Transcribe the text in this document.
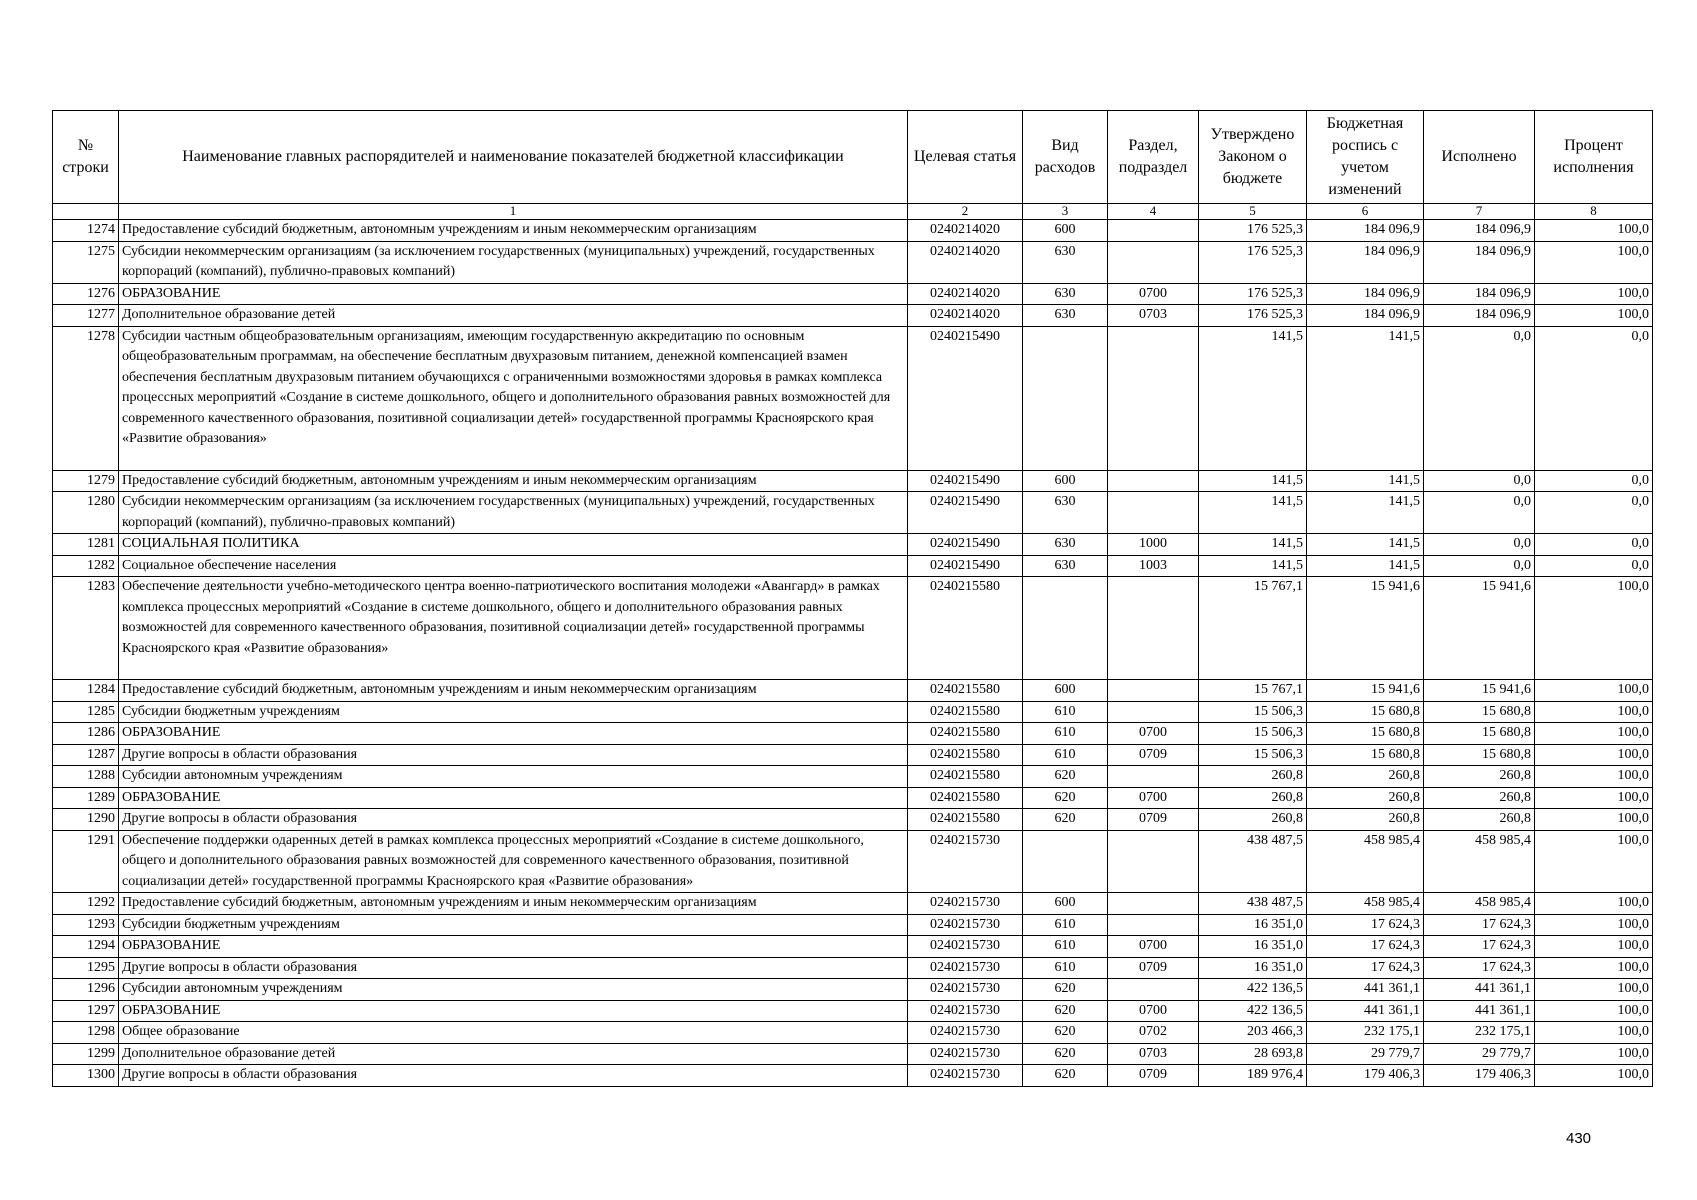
№ строки	Наименование главных распорядителей и наименование показателей бюджетной классификации	Целевая статья	Вид расходов	Раздел, подраздел	Утверждено Законом о бюджете	Бюджетная роспись с учетом изменений	Исполнено	Процент исполнения
	1	2	3	4	5	6	7	8
1274	Предоставление субсидий бюджетным, автономным учреждениям и иным некоммерческим организациям	0240214020	600		176 525,3	184 096,9	184 096,9	100,0
1275	Субсидии некоммерческим организациям (за исключением государственных (муниципальных) учреждений, государственных корпораций (компаний), публично-правовых компаний)	0240214020	630		176 525,3	184 096,9	184 096,9	100,0
1276	ОБРАЗОВАНИЕ	0240214020	630	0700	176 525,3	184 096,9	184 096,9	100,0
1277	Дополнительное образование детей	0240214020	630	0703	176 525,3	184 096,9	184 096,9	100,0
1278	Субсидии частным общеобразовательным организациям, имеющим государственную аккредитацию по основным общеобразовательным программам, на обеспечение бесплатным двухразовым питанием, денежной компенсацией взамен обеспечения бесплатным двухразовым питанием обучающихся с ограниченными возможностями здоровья в рамках комплекса процессных мероприятий «Создание в системе дошкольного, общего и дополнительного образования равных возможностей для современного качественного образования, позитивной социализации детей» государственной программы Красноярского края «Развитие образования»	0240215490			141,5	141,5	0,0	0,0
1279	Предоставление субсидий бюджетным, автономным учреждениям и иным некоммерческим организациям	0240215490	600		141,5	141,5	0,0	0,0
1280	Субсидии некоммерческим организациям (за исключением государственных (муниципальных) учреждений, государственных корпораций (компаний), публично-правовых компаний)	0240215490	630		141,5	141,5	0,0	0,0
1281	СОЦИАЛЬНАЯ ПОЛИТИКА	0240215490	630	1000	141,5	141,5	0,0	0,0
1282	Социальное обеспечение населения	0240215490	630	1003	141,5	141,5	0,0	0,0
1283	Обеспечение деятельности учебно-методического центра военно-патриотического воспитания молодежи «Авангард» в рамках комплекса процессных мероприятий «Создание в системе дошкольного, общего и дополнительного образования равных возможностей для современного качественного образования, позитивной социализации детей» государственной программы Красноярского края «Развитие образования»	0240215580			15 767,1	15 941,6	15 941,6	100,0
1284	Предоставление субсидий бюджетным, автономным учреждениям и иным некоммерческим организациям	0240215580	600		15 767,1	15 941,6	15 941,6	100,0
1285	Субсидии бюджетным учреждениям	0240215580	610		15 506,3	15 680,8	15 680,8	100,0
1286	ОБРАЗОВАНИЕ	0240215580	610	0700	15 506,3	15 680,8	15 680,8	100,0
1287	Другие вопросы в области образования	0240215580	610	0709	15 506,3	15 680,8	15 680,8	100,0
1288	Субсидии автономным учреждениям	0240215580	620		260,8	260,8	260,8	100,0
1289	ОБРАЗОВАНИЕ	0240215580	620	0700	260,8	260,8	260,8	100,0
1290	Другие вопросы в области образования	0240215580	620	0709	260,8	260,8	260,8	100,0
1291	Обеспечение поддержки одаренных детей в рамках комплекса процессных мероприятий «Создание в системе дошкольного, общего и дополнительного образования равных возможностей для современного качественного образования, позитивной социализации детей» государственной программы Красноярского края «Развитие образования»	0240215730			438 487,5	458 985,4	458 985,4	100,0
1292	Предоставление субсидий бюджетным, автономным учреждениям и иным некоммерческим организациям	0240215730	600		438 487,5	458 985,4	458 985,4	100,0
1293	Субсидии бюджетным учреждениям	0240215730	610		16 351,0	17 624,3	17 624,3	100,0
1294	ОБРАЗОВАНИЕ	0240215730	610	0700	16 351,0	17 624,3	17 624,3	100,0
1295	Другие вопросы в области образования	0240215730	610	0709	16 351,0	17 624,3	17 624,3	100,0
1296	Субсидии автономным учреждениям	0240215730	620		422 136,5	441 361,1	441 361,1	100,0
1297	ОБРАЗОВАНИЕ	0240215730	620	0700	422 136,5	441 361,1	441 361,1	100,0
1298	Общее образование	0240215730	620	0702	203 466,3	232 175,1	232 175,1	100,0
1299	Дополнительное образование детей	0240215730	620	0703	28 693,8	29 779,7	29 779,7	100,0
1300	Другие вопросы в области образования	0240215730	620	0709	189 976,4	179 406,3	179 406,3	100,0
430
